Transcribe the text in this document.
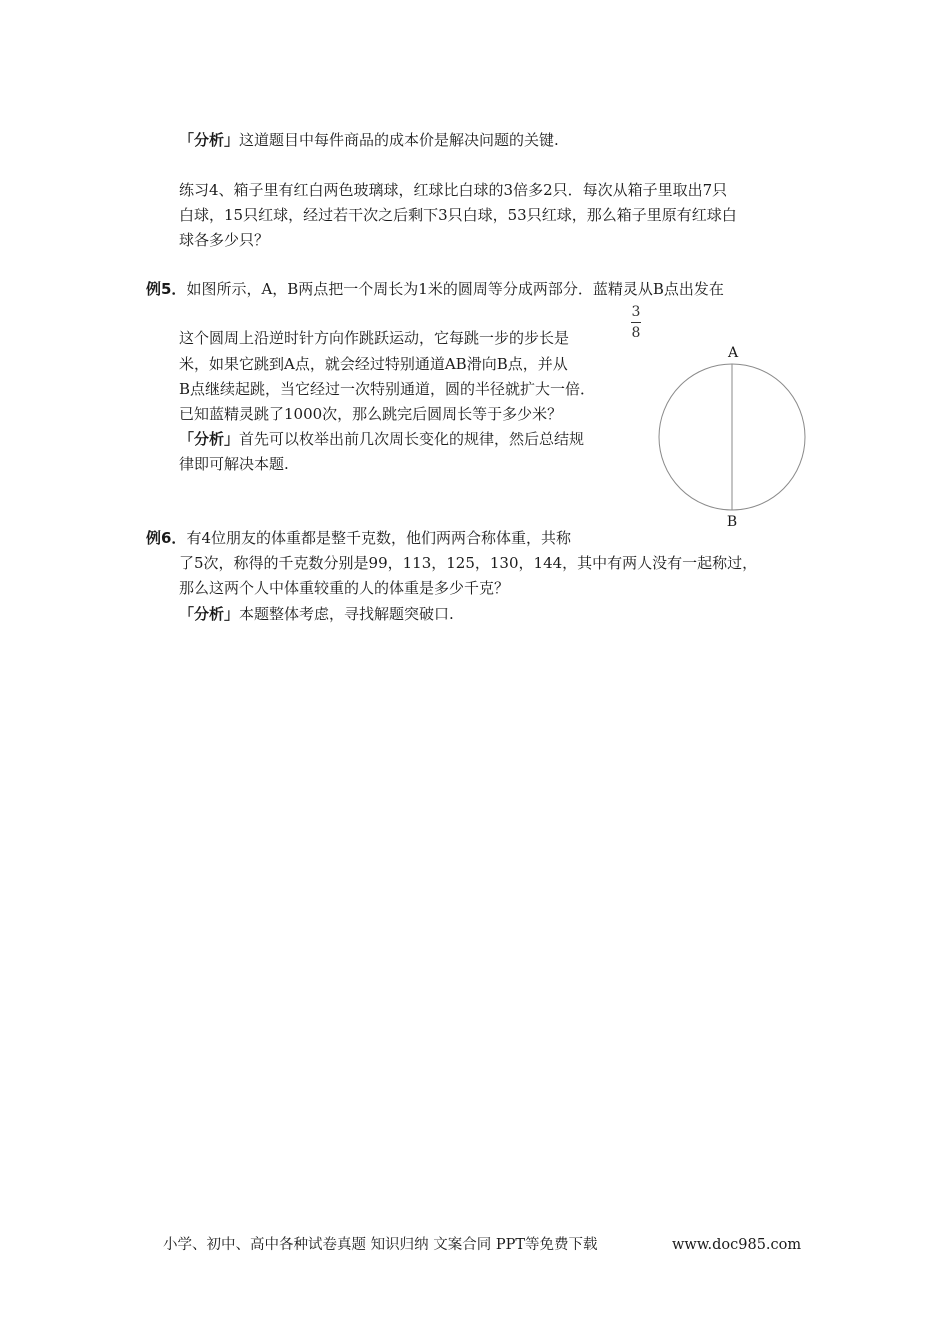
「分析」这道题目中每件商品的成本价是解决问题的关键.
练习4、箱子里有红白两色玻璃球，红球比白球的3倍多2只．每次从箱子里取出7只
白球，15只红球，经过若干次之后剩下3只白球，53只红球，那么箱子里原有红球白
球各多少只？
例5．如图所示，A，B两点把一个周长为1米的圆周等分成两部分．蓝精灵从B点出发在
这个圆周上沿逆时针方向作跳跃运动，它每跳一步的步长是
3
8
米，如果它跳到A点，就会经过特别通道AB滑向B点，并从
B点继续起跳，当它经过一次特别通道，圆的半径就扩大一倍．
已知蓝精灵跳了1000次，那么跳完后圆周长等于多少米？
「分析」首先可以枚举出前几次周长变化的规律，然后总结规
律即可解决本题.
A
B
例6．有4位朋友的体重都是整千克数，他们两两合称体重，共称
了5次，称得的千克数分别是99，113，125，130，144，其中有两人没有一起称过，
那么这两个人中体重较重的人的体重是多少千克？
「分析」本题整体考虑，寻找解题突破口.
小学、初中、高中各种试卷真题 知识归纳 文案合同 PPT等免费下载	www.doc985.com
